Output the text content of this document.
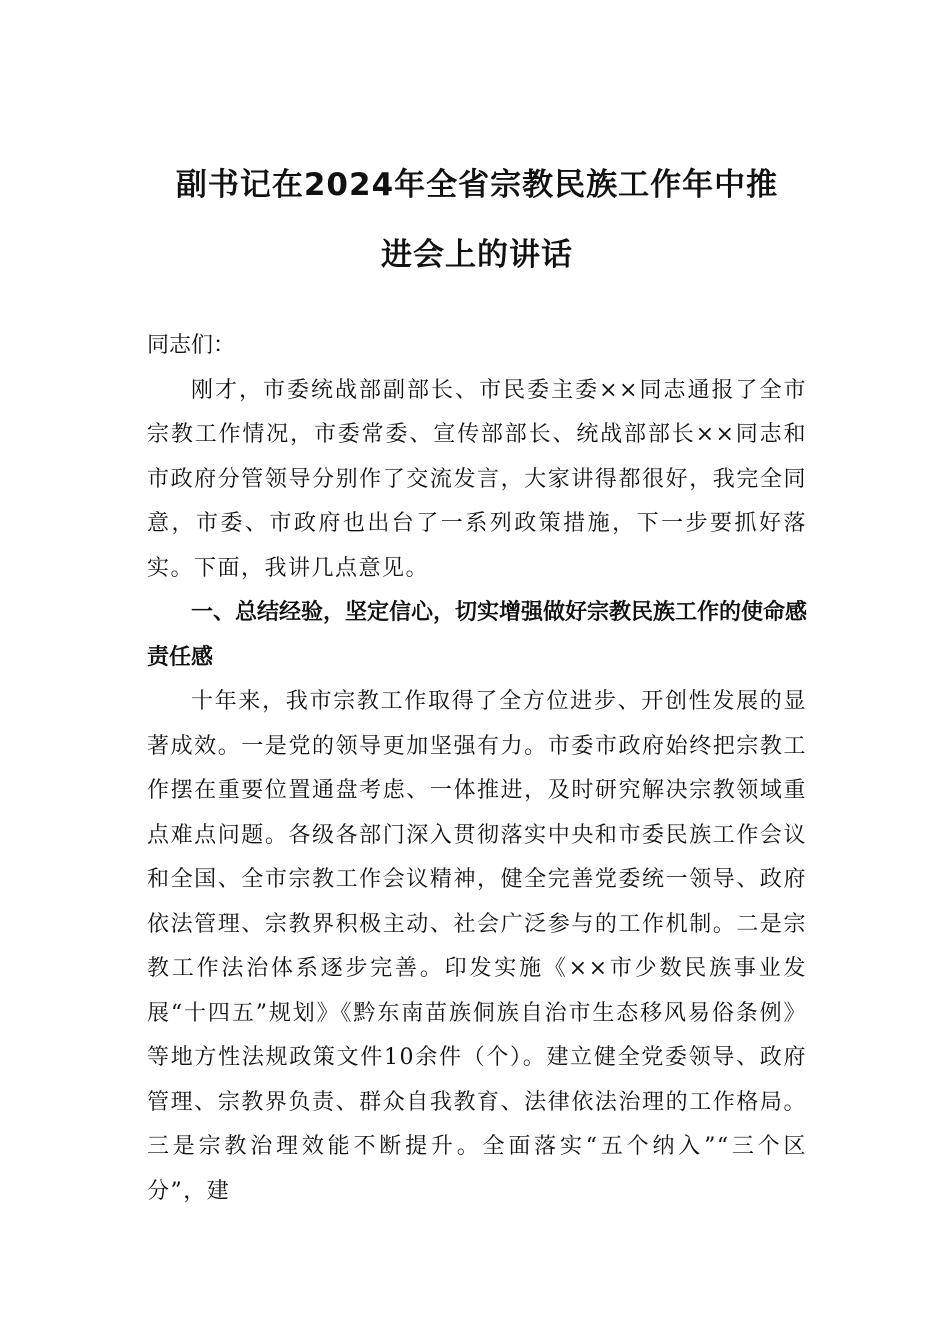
副书记在2024年全省宗教民族工作年中推
进会上的讲话

同志们：

刚才，市委统战部副部长、市民委主委××同志通报了全市宗教工作情况，市委常委、宣传部部长、统战部部长××同志和市政府分管领导分别作了交流发言，大家讲得都很好，我完全同意，市委、市政府也出台了一系列政策措施，下一步要抓好落实。下面，我讲几点意见。

一、总结经验，坚定信心，切实增强做好宗教民族工作的使命感责任感

十年来，我市宗教工作取得了全方位进步、开创性发展的显著成效。一是党的领导更加坚强有力。市委市政府始终把宗教工作摆在重要位置通盘考虑、一体推进，及时研究解决宗教领域重点难点问题。各级各部门深入贯彻落实中央和市委民族工作会议和全国、全市宗教工作会议精神，健全完善党委统一领导、政府依法管理、宗教界积极主动、社会广泛参与的工作机制。二是宗教工作法治体系逐步完善。印发实施《××市少数民族事业发展“十四五”规划》《黔东南苗族侗族自治市生态移风易俗条例》等地方性法规政策文件10余件（个）。建立健全党委领导、政府管理、宗教界负责、群众自我教育、法律依法治理的工作格局。三是宗教治理效能不断提升。全面落实“五个纳入”“三个区分”，建
